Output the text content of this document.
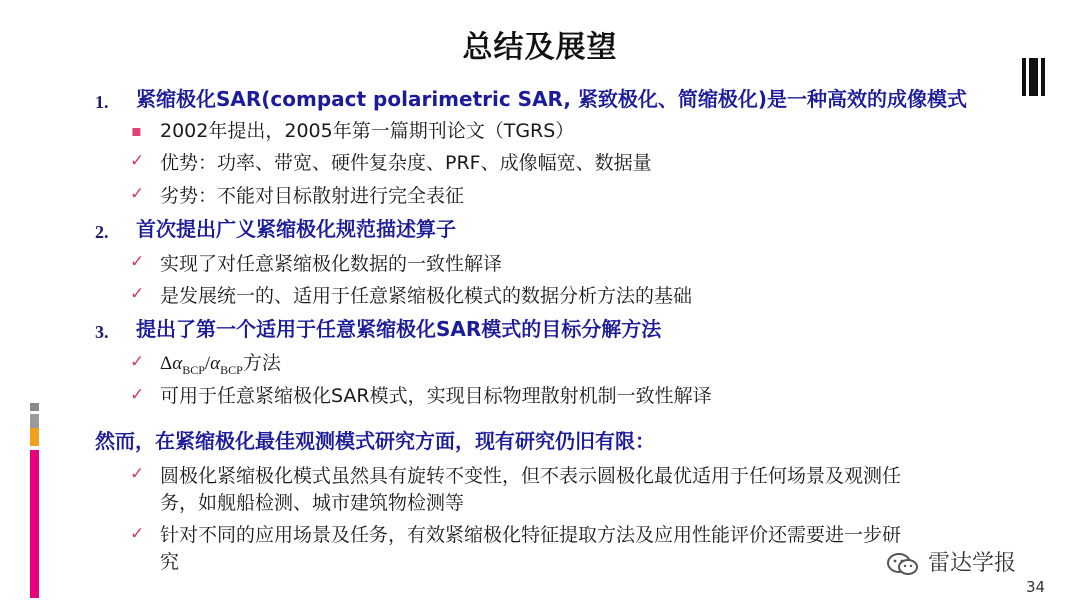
总结及展望
1. 紧缩极化SAR(compact polarimetric SAR, 紧致极化、简缩极化)是一种高效的成像模式
▪ 2002年提出，2005年第一篇期刊论文（TGRS）
✓ 优势：功率、带宽、硬件复杂度、PRF、成像幅宽、数据量
✓ 劣势：不能对目标散射进行完全表征
2. 首次提出广义紧缩极化规范描述算子
✓ 实现了对任意紧缩极化数据的一致性解译
✓ 是发展统一的、适用于任意紧缩极化模式的数据分析方法的基础
3. 提出了第一个适用于任意紧缩极化SAR模式的目标分解方法
✓ $\Delta\alpha_{BCP}/\alpha_{BCP}$方法
✓ 可用于任意紧缩极化SAR模式，实现目标物理散射机制一致性解译
然而，在紧缩极化最佳观测模式研究方面，现有研究仍旧有限：
✓ 圆极化紧缩极化模式虽然具有旋转不变性，但不表示圆极化最优适用于任何场景及观测任
务，如舰船检测、城市建筑物检测等
✓ 针对不同的应用场景及任务，有效紧缩极化特征提取方法及应用性能评价还需要进一步研
究	雷达学报
34
